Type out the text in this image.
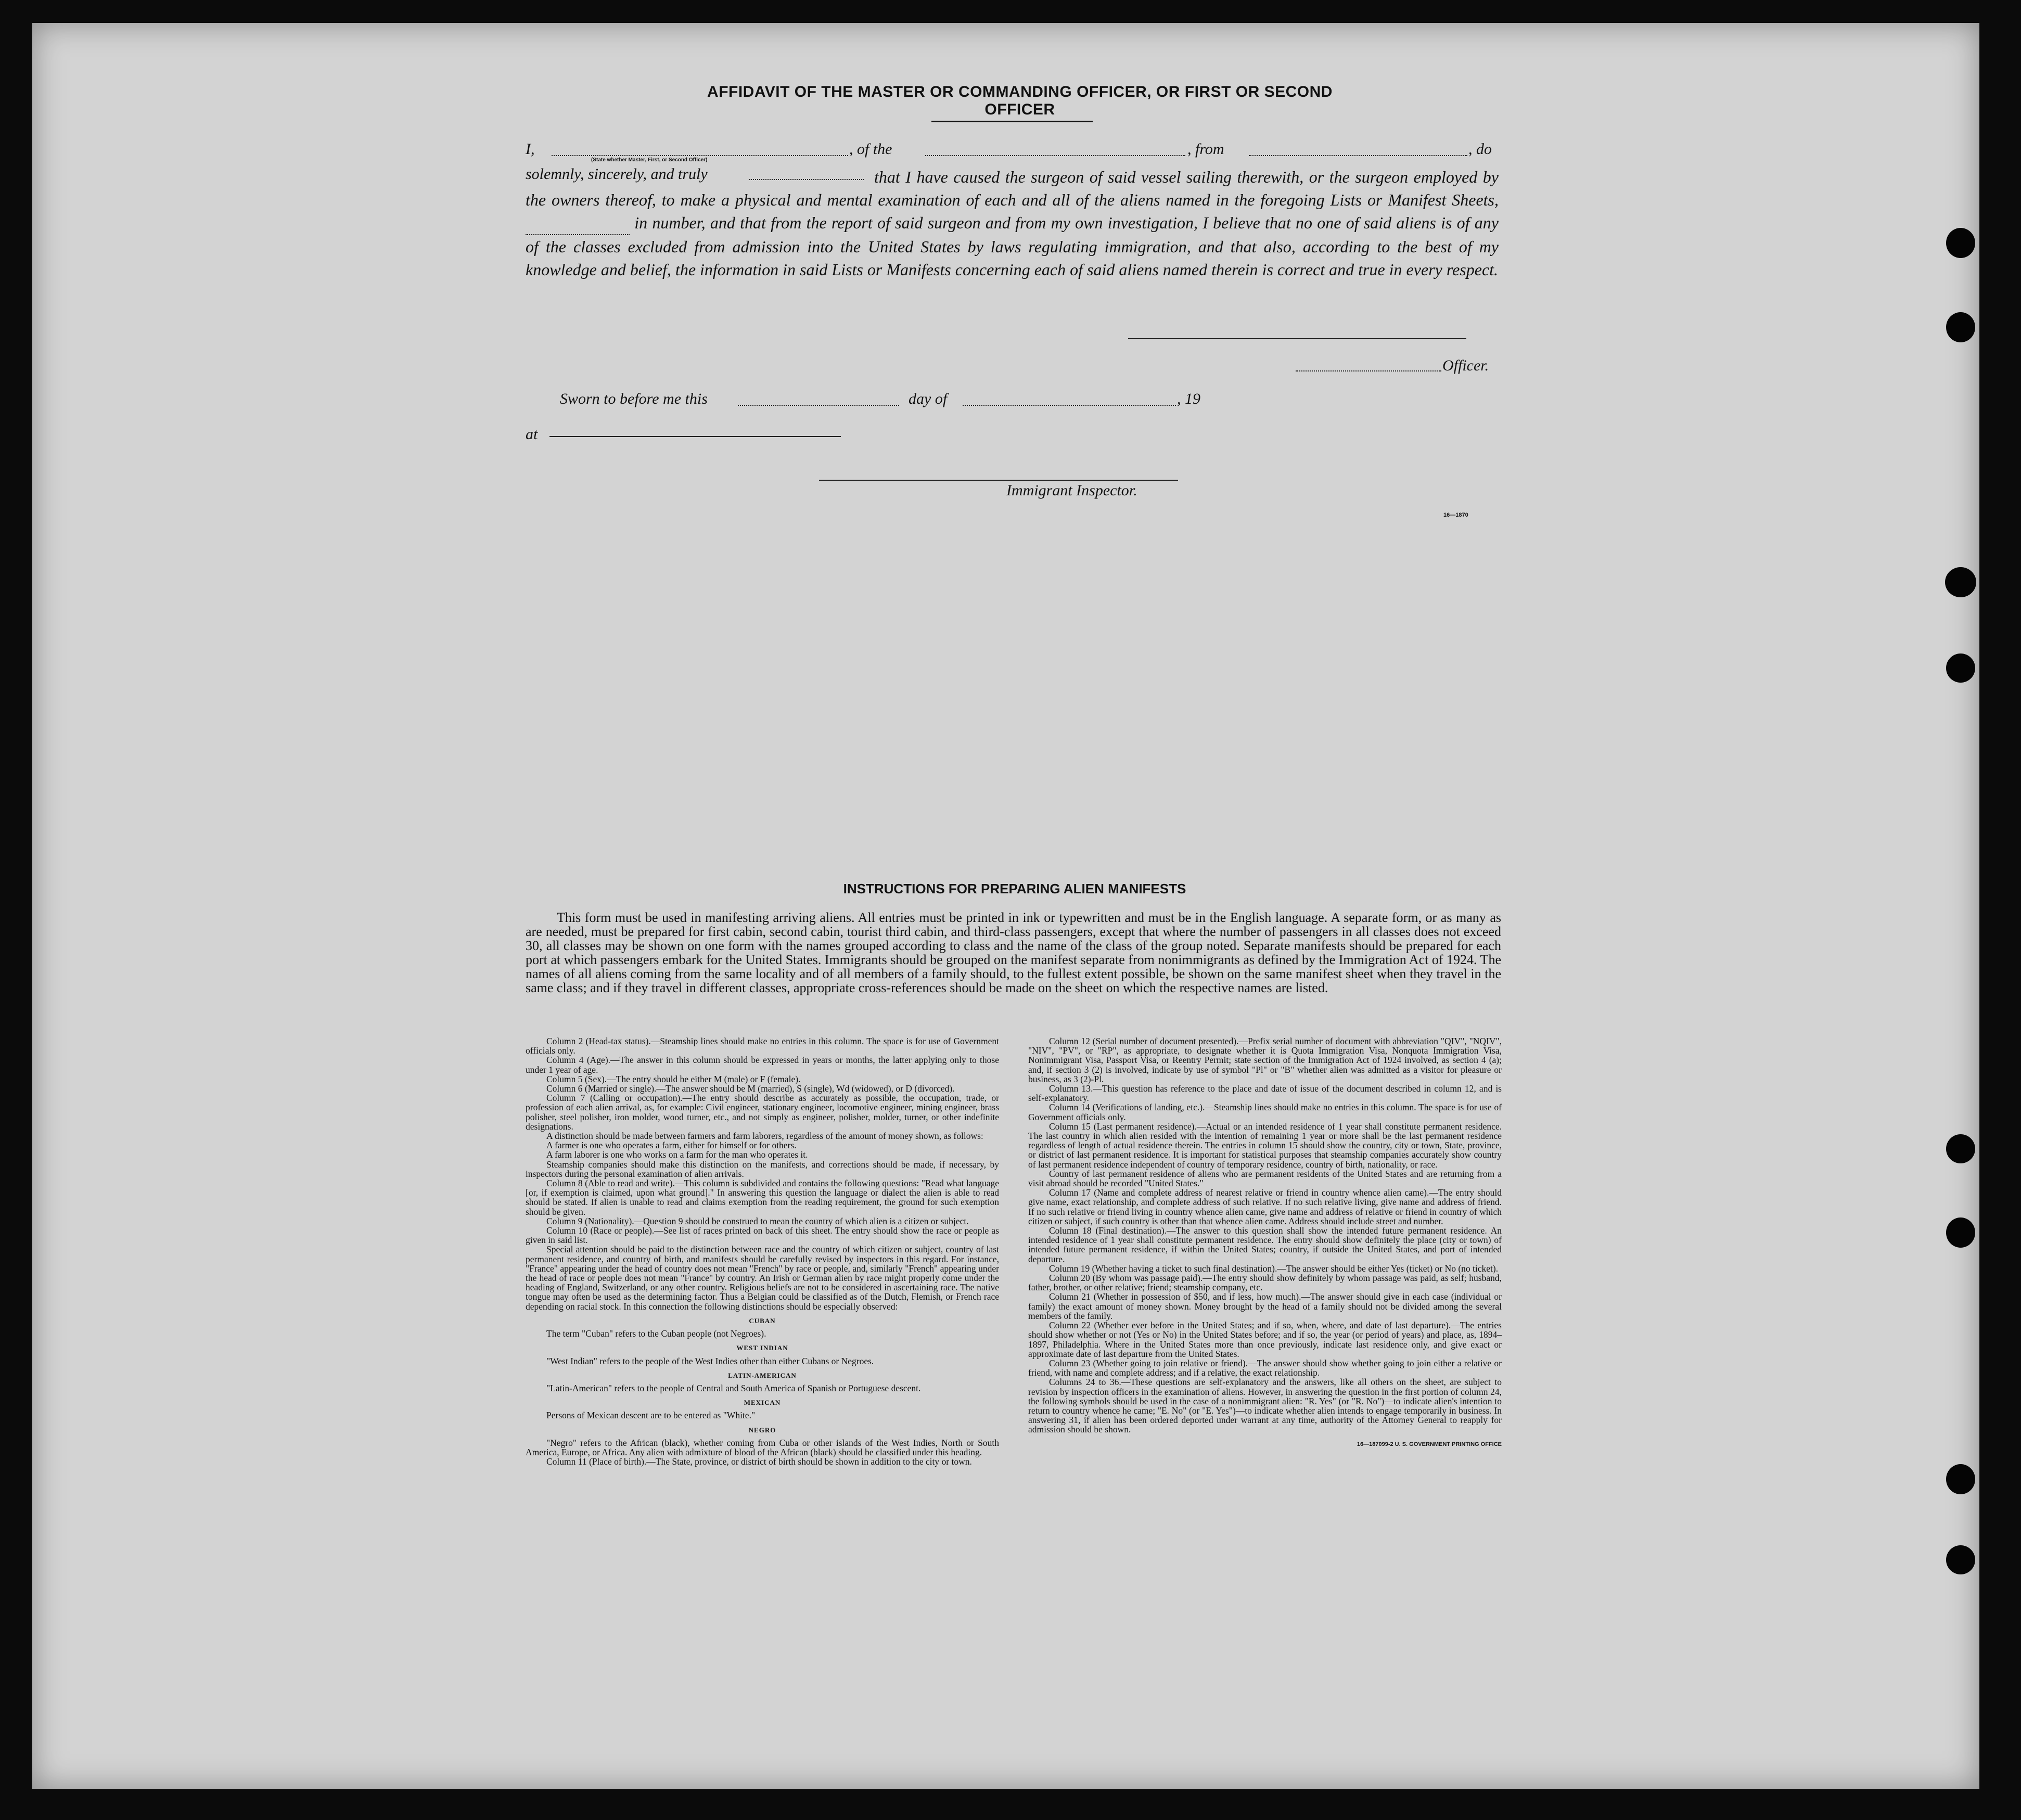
AFFIDAVIT OF THE MASTER OR COMMANDING OFFICER, OR FIRST OR SECOND OFFICER
I,
(State whether Master, First, or Second Officer)
, of the	, from	, do
solemnly, sincerely, and truly	that I have caused the surgeon of said vessel sailing therewith, or the surgeon employed by the owners thereof, to make a physical and mental examination of each and all of the aliens named in the foregoing Lists or Manifest Sheets,   in number, and that from the report of said surgeon and from my own investigation, I believe that no one of said aliens is of any of the classes excluded from admission into the United States by laws regulating immigration, and that also, according to the best of my knowledge and belief, the information in said Lists or Manifests concerning each of said aliens named therein is correct and true in every respect.
Officer.
Sworn to before me this	day of	, 19
at
Immigrant Inspector.
16—1870
INSTRUCTIONS FOR PREPARING ALIEN MANIFESTS
This form must be used in manifesting arriving aliens. All entries must be printed in ink or typewritten and must be in the English language. A separate form, or as many as are needed, must be prepared for first cabin, second cabin, tourist third cabin, and third-class passengers, except that where the number of passengers in all classes does not exceed 30, all classes may be shown on one form with the names grouped according to class and the name of the class of the group noted. Separate manifests should be prepared for each port at which passengers embark for the United States. Immigrants should be grouped on the manifest separate from nonimmigrants as defined by the Immigration Act of 1924. The names of all aliens coming from the same locality and of all members of a family should, to the fullest extent possible, be shown on the same manifest sheet when they travel in the same class; and if they travel in different classes, appropriate cross-references should be made on the sheet on which the respective names are listed.

Column 2 (Head-tax status).—Steamship lines should make no entries in this column. The space is for use of Government officials only.

Column 4 (Age).—The answer in this column should be expressed in years or months, the latter applying only to those under 1 year of age.

Column 5 (Sex).—The entry should be either M (male) or F (female).

Column 6 (Married or single).—The answer should be M (married), S (single), Wd (widowed), or D (divorced).

Column 7 (Calling or occupation).—The entry should describe as accurately as possible, the occupation, trade, or profession of each alien arrival, as, for example: Civil engineer, stationary engineer, locomotive engineer, mining engineer, brass polisher, steel polisher, iron molder, wood turner, etc., and not simply as engineer, polisher, molder, turner, or other indefinite designations.

A distinction should be made between farmers and farm laborers, regardless of the amount of money shown, as follows:

A farmer is one who operates a farm, either for himself or for others.

A farm laborer is one who works on a farm for the man who operates it.

Steamship companies should make this distinction on the manifests, and corrections should be made, if necessary, by inspectors during the personal examination of alien arrivals.

Column 8 (Able to read and write).—This column is subdivided and contains the following questions: "Read what language [or, if exemption is claimed, upon what ground]." In answering this question the language or dialect the alien is able to read should be stated. If alien is unable to read and claims exemption from the reading requirement, the ground for such exemption should be given.

Column 9 (Nationality).—Question 9 should be construed to mean the country of which alien is a citizen or subject.

Column 10 (Race or people).—See list of races printed on back of this sheet. The entry should show the race or people as given in said list.

Special attention should be paid to the distinction between race and the country of which citizen or subject, country of last permanent residence, and country of birth, and manifests should be carefully revised by inspectors in this regard. For instance, "France" appearing under the head of country does not mean "French" by race or people, and, similarly "French" appearing under the head of race or people does not mean "France" by country. An Irish or German alien by race might properly come under the heading of England, Switzerland, or any other country. Religious beliefs are not to be considered in ascertaining race. The native tongue may often be used as the determining factor. Thus a Belgian could be classified as of the Dutch, Flemish, or French race depending on racial stock. In this connection the following distinctions should be especially observed:

CUBAN

The term "Cuban" refers to the Cuban people (not Negroes).

WEST INDIAN

"West Indian" refers to the people of the West Indies other than either Cubans or Negroes.

LATIN-AMERICAN

"Latin-American" refers to the people of Central and South America of Spanish or Portuguese descent.

MEXICAN

Persons of Mexican descent are to be entered as "White."

NEGRO

"Negro" refers to the African (black), whether coming from Cuba or other islands of the West Indies, North or South America, Europe, or Africa. Any alien with admixture of blood of the African (black) should be classified under this heading.

Column 11 (Place of birth).—The State, province, or district of birth should be shown in addition to the city or town.

Column 12 (Serial number of document presented).—Prefix serial number of document with abbreviation "QIV", "NQIV", "NIV", "PV", or "RP", as appropriate, to designate whether it is Quota Immigration Visa, Nonquota Immigration Visa, Nonimmigrant Visa, Passport Visa, or Reentry Permit; state section of the Immigration Act of 1924 involved, as section 4 (a); and, if section 3 (2) is involved, indicate by use of symbol "Pl" or "B" whether alien was admitted as a visitor for pleasure or business, as 3 (2)-Pl.

Column 13.—This question has reference to the place and date of issue of the document described in column 12, and is self-explanatory.

Column 14 (Verifications of landing, etc.).—Steamship lines should make no entries in this column. The space is for use of Government officials only.

Column 15 (Last permanent residence).—Actual or an intended residence of 1 year shall constitute permanent residence. The last country in which alien resided with the intention of remaining 1 year or more shall be the last permanent residence regardless of length of actual residence therein. The entries in column 15 should show the country, city or town, State, province, or district of last permanent residence. It is important for statistical purposes that steamship companies accurately show country of last permanent residence independent of country of temporary residence, country of birth, nationality, or race.

Country of last permanent residence of aliens who are permanent residents of the United States and are returning from a visit abroad should be recorded "United States."

Column 17 (Name and complete address of nearest relative or friend in country whence alien came).—The entry should give name, exact relationship, and complete address of such relative. If no such relative living, give name and address of friend. If no such relative or friend living in country whence alien came, give name and address of relative or friend in country of which citizen or subject, if such country is other than that whence alien came. Address should include street and number.

Column 18 (Final destination).—The answer to this question shall show the intended future permanent residence. An intended residence of 1 year shall constitute permanent residence. The entry should show definitely the place (city or town) of intended future permanent residence, if within the United States; country, if outside the United States, and port of intended departure.

Column 19 (Whether having a ticket to such final destination).—The answer should be either Yes (ticket) or No (no ticket).

Column 20 (By whom was passage paid).—The entry should show definitely by whom passage was paid, as self; husband, father, brother, or other relative; friend; steamship company, etc.

Column 21 (Whether in possession of $50, and if less, how much).—The answer should give in each case (individual or family) the exact amount of money shown. Money brought by the head of a family should not be divided among the several members of the family.

Column 22 (Whether ever before in the United States; and if so, when, where, and date of last departure).—The entries should show whether or not (Yes or No) in the United States before; and if so, the year (or period of years) and place, as, 1894–1897, Philadelphia. Where in the United States more than once previously, indicate last residence only, and give exact or approximate date of last departure from the United States.

Column 23 (Whether going to join relative or friend).—The answer should show whether going to join either a relative or friend, with name and complete address; and if a relative, the exact relationship.

Columns 24 to 36.—These questions are self-explanatory and the answers, like all others on the sheet, are subject to revision by inspection officers in the examination of aliens. However, in answering the question in the first portion of column 24, the following symbols should be used in the case of a nonimmigrant alien: "R. Yes" (or "R. No")—to indicate alien's intention to return to country whence he came; "E. No" (or "E. Yes")—to indicate whether alien intends to engage temporarily in business. In answering 31, if alien has been ordered deported under warrant at any time, authority of the Attorney General to reapply for admission should be shown.

16—187099-2 U. S. GOVERNMENT PRINTING OFFICE
